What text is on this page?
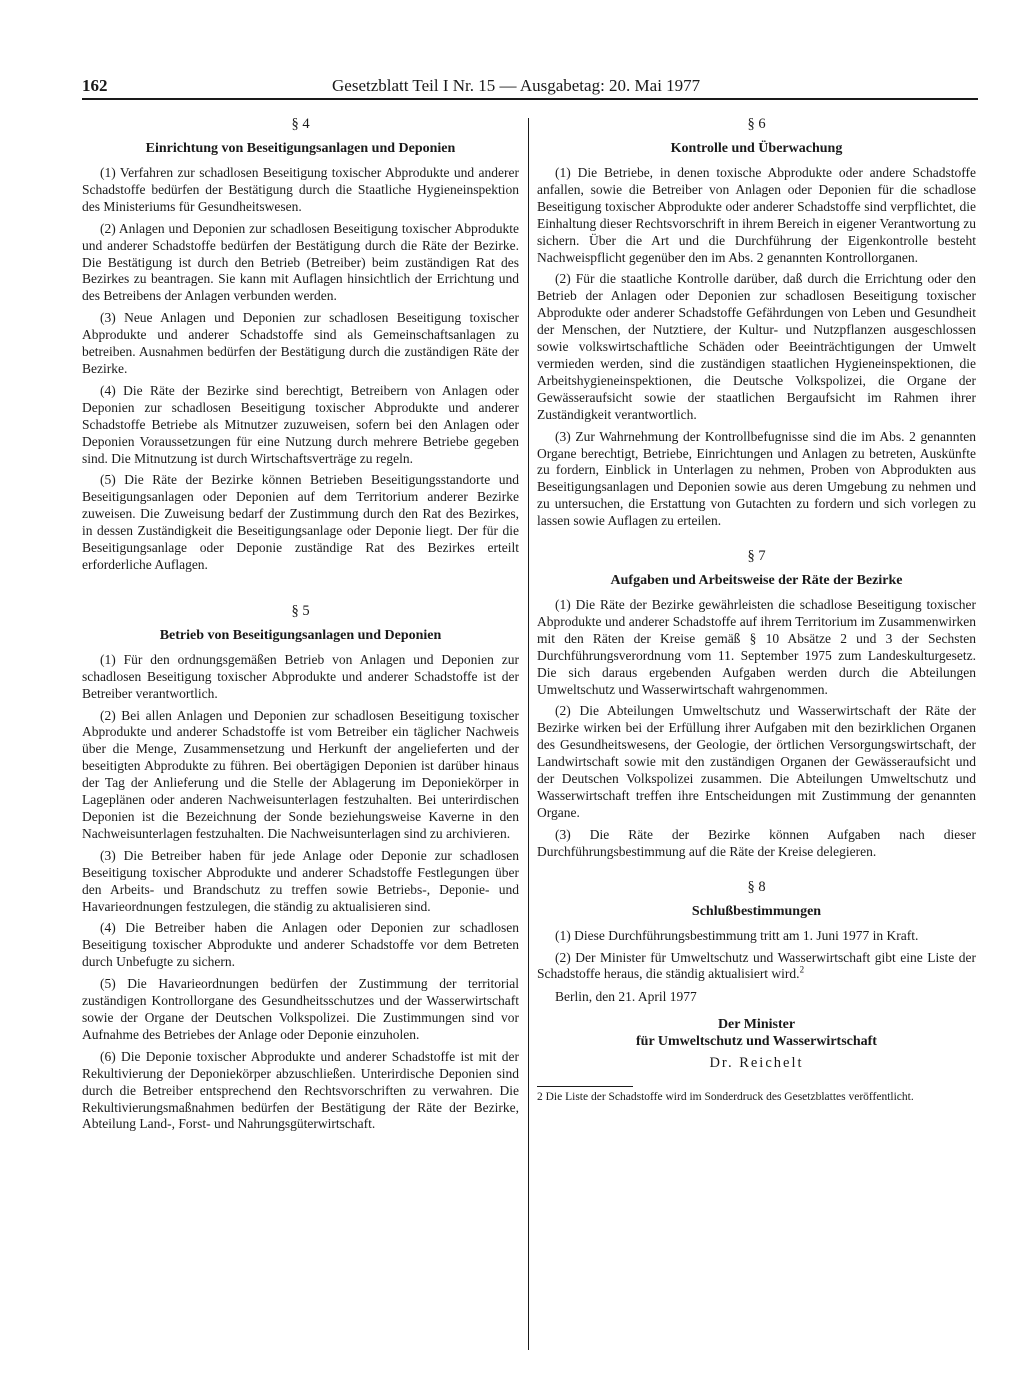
162	Gesetzblatt Teil I Nr. 15 — Ausgabetag: 20. Mai 1977

§ 4

Einrichtung von Beseitigungsanlagen und Deponien

(1) Verfahren zur schadlosen Beseitigung toxischer Abprodukte und anderer Schadstoffe bedürfen der Bestätigung durch die Staatliche Hygieneinspektion des Ministeriums für Gesundheitswesen.

(2) Anlagen und Deponien zur schadlosen Beseitigung toxischer Abprodukte und anderer Schadstoffe bedürfen der Bestätigung durch die Räte der Bezirke. Die Bestätigung ist durch den Betrieb (Betreiber) beim zuständigen Rat des Bezirkes zu beantragen. Sie kann mit Auflagen hinsichtlich der Errichtung und des Betreibens der Anlagen verbunden werden.

(3) Neue Anlagen und Deponien zur schadlosen Beseitigung toxischer Abprodukte und anderer Schadstoffe sind als Gemeinschaftsanlagen zu betreiben. Ausnahmen bedürfen der Bestätigung durch die zuständigen Räte der Bezirke.

(4) Die Räte der Bezirke sind berechtigt, Betreibern von Anlagen oder Deponien zur schadlosen Beseitigung toxischer Abprodukte und anderer Schadstoffe Betriebe als Mitnutzer zuzuweisen, sofern bei den Anlagen oder Deponien Voraussetzungen für eine Nutzung durch mehrere Betriebe gegeben sind. Die Mitnutzung ist durch Wirtschaftsverträge zu regeln.

(5) Die Räte der Bezirke können Betrieben Beseitigungsstandorte und Beseitigungsanlagen oder Deponien auf dem Territorium anderer Bezirke zuweisen. Die Zuweisung bedarf der Zustimmung durch den Rat des Bezirkes, in dessen Zuständigkeit die Beseitigungsanlage oder Deponie liegt. Der für die Beseitigungsanlage oder Deponie zuständige Rat des Bezirkes erteilt erforderliche Auflagen.

§ 5

Betrieb von Beseitigungsanlagen und Deponien

(1) Für den ordnungsgemäßen Betrieb von Anlagen und Deponien zur schadlosen Beseitigung toxischer Abprodukte und anderer Schadstoffe ist der Betreiber verantwortlich.

(2) Bei allen Anlagen und Deponien zur schadlosen Beseitigung toxischer Abprodukte und anderer Schadstoffe ist vom Betreiber ein täglicher Nachweis über die Menge, Zusammensetzung und Herkunft der angelieferten und der beseitigten Abprodukte zu führen. Bei obertägigen Deponien ist darüber hinaus der Tag der Anlieferung und die Stelle der Ablagerung im Deponiekörper in Lageplänen oder anderen Nachweisunterlagen festzuhalten. Bei unterirdischen Deponien ist die Bezeichnung der Sonde beziehungsweise Kaverne in den Nachweisunterlagen festzuhalten. Die Nachweisunterlagen sind zu archivieren.

(3) Die Betreiber haben für jede Anlage oder Deponie zur schadlosen Beseitigung toxischer Abprodukte und anderer Schadstoffe Festlegungen über den Arbeits- und Brandschutz zu treffen sowie Betriebs-, Deponie- und Havarieordnungen festzulegen, die ständig zu aktualisieren sind.

(4) Die Betreiber haben die Anlagen oder Deponien zur schadlosen Beseitigung toxischer Abprodukte und anderer Schadstoffe vor dem Betreten durch Unbefugte zu sichern.

(5) Die Havarieordnungen bedürfen der Zustimmung der territorial zuständigen Kontrollorgane des Gesundheitsschutzes und der Wasserwirtschaft sowie der Organe der Deutschen Volkspolizei. Die Zustimmungen sind vor Aufnahme des Betriebes der Anlage oder Deponie einzuholen.

(6) Die Deponie toxischer Abprodukte und anderer Schadstoffe ist mit der Rekultivierung der Deponiekörper abzuschließen. Unterirdische Deponien sind durch die Betreiber entsprechend den Rechtsvorschriften zu verwahren. Die Rekultivierungsmaßnahmen bedürfen der Bestätigung der Räte der Bezirke, Abteilung Land-, Forst- und Nahrungsgüterwirtschaft.

§ 6

Kontrolle und Überwachung

(1) Die Betriebe, in denen toxische Abprodukte oder andere Schadstoffe anfallen, sowie die Betreiber von Anlagen oder Deponien für die schadlose Beseitigung toxischer Abprodukte oder anderer Schadstoffe sind verpflichtet, die Einhaltung dieser Rechtsvorschrift in ihrem Bereich in eigener Verantwortung zu sichern. Über die Art und die Durchführung der Eigenkontrolle besteht Nachweispflicht gegenüber den im Abs. 2 genannten Kontrollorganen.

(2) Für die staatliche Kontrolle darüber, daß durch die Errichtung oder den Betrieb der Anlagen oder Deponien zur schadlosen Beseitigung toxischer Abprodukte oder anderer Schadstoffe Gefährdungen von Leben und Gesundheit der Menschen, der Nutztiere, der Kultur- und Nutzpflanzen ausgeschlossen sowie volkswirtschaftliche Schäden oder Beeinträchtigungen der Umwelt vermieden werden, sind die zuständigen staatlichen Hygieneinspektionen, die Arbeitshygieneinspektionen, die Deutsche Volkspolizei, die Organe der Gewässeraufsicht sowie der staatlichen Bergaufsicht im Rahmen ihrer Zuständigkeit verantwortlich.

(3) Zur Wahrnehmung der Kontrollbefugnisse sind die im Abs. 2 genannten Organe berechtigt, Betriebe, Einrichtungen und Anlagen zu betreten, Auskünfte zu fordern, Einblick in Unterlagen zu nehmen, Proben von Abprodukten aus Beseitigungsanlagen und Deponien sowie aus deren Umgebung zu nehmen und zu untersuchen, die Erstattung von Gutachten zu fordern und sich vorlegen zu lassen sowie Auflagen zu erteilen.

§ 7

Aufgaben und Arbeitsweise der Räte der Bezirke

(1) Die Räte der Bezirke gewährleisten die schadlose Beseitigung toxischer Abprodukte und anderer Schadstoffe auf ihrem Territorium im Zusammenwirken mit den Räten der Kreise gemäß § 10 Absätze 2 und 3 der Sechsten Durchführungsverordnung vom 11. September 1975 zum Landeskulturgesetz. Die sich daraus ergebenden Aufgaben werden durch die Abteilungen Umweltschutz und Wasserwirtschaft wahrgenommen.

(2) Die Abteilungen Umweltschutz und Wasserwirtschaft der Räte der Bezirke wirken bei der Erfüllung ihrer Aufgaben mit den bezirklichen Organen des Gesundheitswesens, der Geologie, der örtlichen Versorgungswirtschaft, der Landwirtschaft sowie mit den zuständigen Organen der Gewässeraufsicht und der Deutschen Volkspolizei zusammen. Die Abteilungen Umweltschutz und Wasserwirtschaft treffen ihre Entscheidungen mit Zustimmung der genannten Organe.

(3) Die Räte der Bezirke können Aufgaben nach dieser Durchführungsbestimmung auf die Räte der Kreise delegieren.

§ 8

Schlußbestimmungen

(1) Diese Durchführungsbestimmung tritt am 1. Juni 1977 in Kraft.

(2) Der Minister für Umweltschutz und Wasserwirtschaft gibt eine Liste der Schadstoffe heraus, die ständig aktualisiert wird.$^2$

Berlin, den 21. April 1977

Der Minister

für Umweltschutz und Wasserwirtschaft

Dr. Reichelt

2 Die Liste der Schadstoffe wird im Sonderdruck des Gesetzblattes veröffentlicht.
